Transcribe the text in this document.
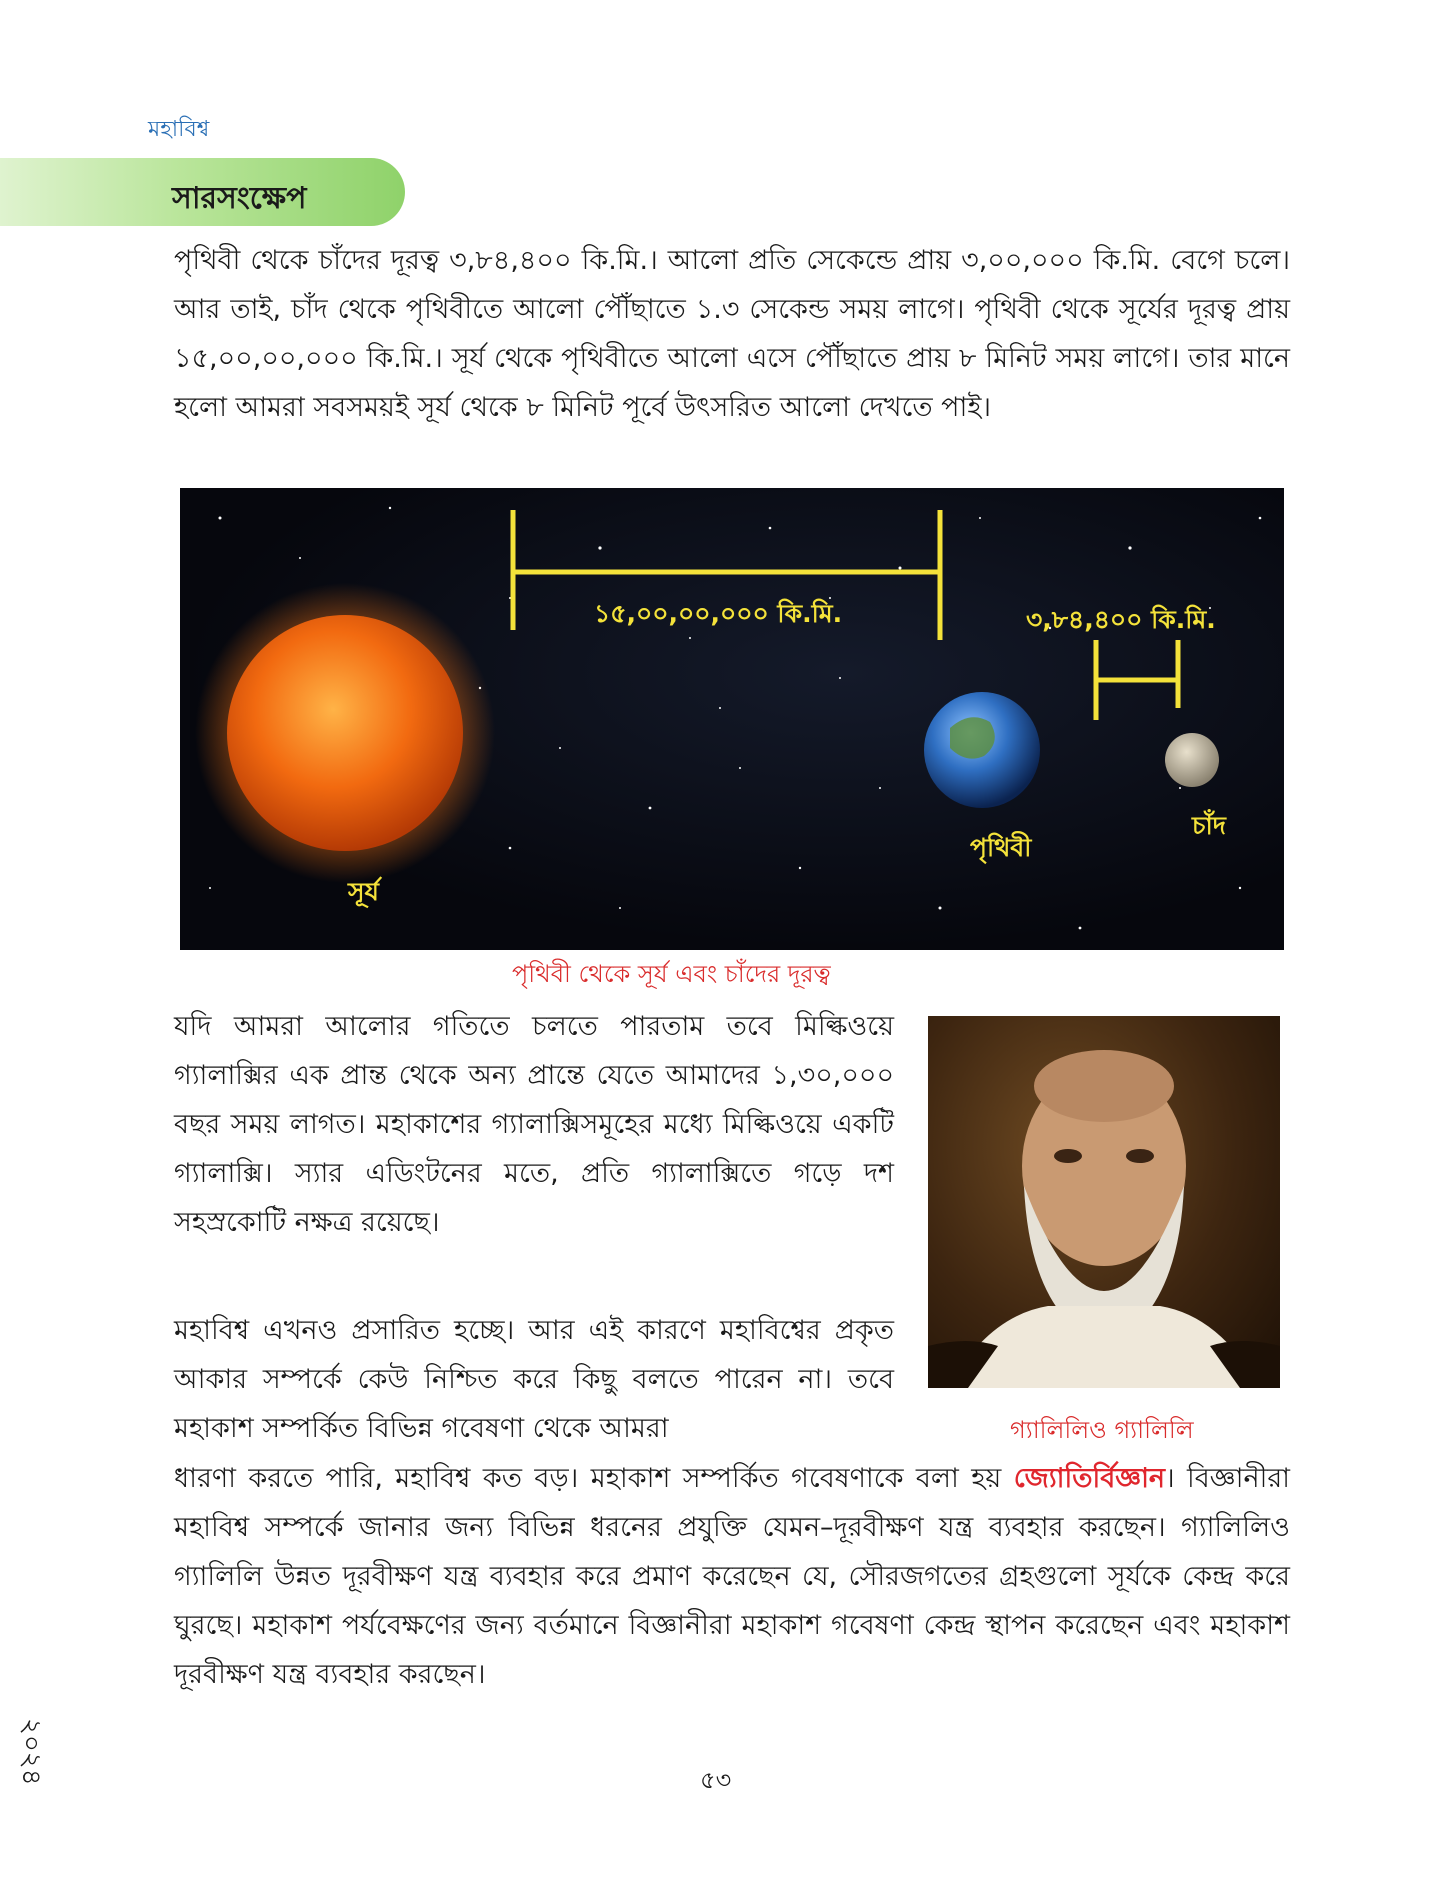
মহাবিশ্ব
সারসংক্ষেপ

পৃথিবী থেকে চাঁদের দূরত্ব ৩,৮৪,৪০০ কি.মি.। আলো প্রতি সেকেন্ডে প্রায় ৩,০০,০০০ কি.মি. বেগে চলে। আর তাই, চাঁদ থেকে পৃথিবীতে আলো পৌঁছাতে ১.৩ সেকেন্ড সময় লাগে। পৃথিবী থেকে সূর্যের দূরত্ব প্রায় ১৫,০০,০০,০০০ কি.মি.। সূর্য থেকে পৃথিবীতে আলো এসে পৌঁছাতে প্রায় ৮ মিনিট সময় লাগে। তার মানে হলো আমরা সবসময়ই সূর্য থেকে ৮ মিনিট পূর্বে উৎসরিত আলো দেখতে পাই।

১৫,০০,০০,০০০ কি.মি.	৩,৮৪,৪০০ কি.মি.
সূর্য
পৃথিবী
চাঁদ
পৃথিবী থেকে সূর্য এবং চাঁদের দূরত্ব

যদি আমরা আলোর গতিতে চলতে পারতাম তবে মিল্কিওয়ে গ্যালাক্সির এক প্রান্ত থেকে অন্য প্রান্তে যেতে আমাদের ১,৩০,০০০ বছর সময় লাগত। মহাকাশের গ্যালাক্সিসমূহের মধ্যে মিল্কিওয়ে একটি গ্যালাক্সি। স্যার এডিংটনের মতে, প্রতি গ্যালাক্সিতে গড়ে দশ সহস্রকোটি নক্ষত্র রয়েছে।

গ্যালিলিও গ্যালিলি

মহাবিশ্ব এখনও প্রসারিত হচ্ছে। আর এই কারণে মহাবিশ্বের প্রকৃত আকার সম্পর্কে কেউ নিশ্চিত করে কিছু বলতে পারেন না। তবে মহাকাশ সম্পর্কিত বিভিন্ন গবেষণা থেকে আমরা

ধারণা করতে পারি, মহাবিশ্ব কত বড়। মহাকাশ সম্পর্কিত গবেষণাকে বলা হয় জ্যোতির্বিজ্ঞান। বিজ্ঞানীরা মহাবিশ্ব সম্পর্কে জানার জন্য বিভিন্ন ধরনের প্রযুক্তি যেমন–দূরবীক্ষণ যন্ত্র ব্যবহার করছেন। গ্যালিলিও গ্যালিলি উন্নত দূরবীক্ষণ যন্ত্র ব্যবহার করে প্রমাণ করেছেন যে, সৌরজগতের গ্রহগুলো সূর্যকে কেন্দ্র করে ঘুরছে। মহাকাশ পর্যবেক্ষণের জন্য বর্তমানে বিজ্ঞানীরা মহাকাশ গবেষণা কেন্দ্র স্থাপন করেছেন এবং মহাকাশ দূরবীক্ষণ যন্ত্র ব্যবহার করছেন।

২০২৪	৫৩
